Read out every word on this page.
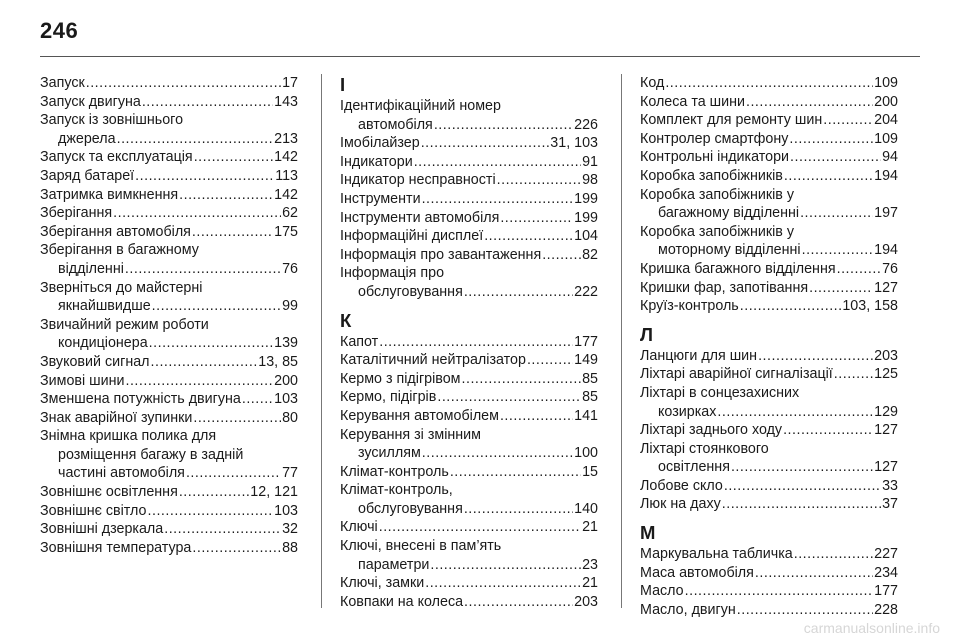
246
Запуск .....	17
Запуск двигуна .....	143
Запуск із зовнішнього
джерела .....	213
Запуск та експлуатація .....	142
Заряд батареї .....	113
Затримка вимкнення .....	142
Зберігання .....	62
Зберігання автомобіля .....	175
Зберігання в багажному
відділенні .....	76
Звернітьcя до майстерні
якнайшвидше .....	99
Звичайний режим роботи
кондиціонера .....	139
Звуковий сигнал .....	13, 85
Зимові шини .....	200
Зменшена потужність двигуна ..... 103
Знак аварійної зупинки .....	80
Знімна кришка полика для
розміщення багажу в задній
частині автомобіля .....	77
Зовнішнє освітлення .....	12, 121
Зовнішнє світло .....	103
Зовнішні дзеркала .....	32
Зовнішня температура .....	88
І
Ідентифікаційний номер
автомобіля .....	226
Імобілайзер .....	31, 103
Індикатори .....	91
Індикатор несправності .....	98
Інструменти .....	199
Інструменти автомобіля .....	199
Інформаційні дисплеї .....	104
Інформація про завантаження .....	82
Інформація про
обслуговування .....	222
К
Капот .....	177
Каталітичний нейтралізатор .....	149
Кермо з підігрівом .....	85
Кермо, підігрів .....	85
Керування автомобілем .....	141
Керування зі змінним
зусиллям .....	100
Клімат-контроль .....	15
Клімат-контроль,
обслуговування .....	140
Ключі .....	21
Ключі, внесені в пам’ять
параметри .....	23
Ключі, замки .....	21
Ковпаки на колеса .....	203
Код .....	109
Колеса та шини .....	200
Комплект для ремонту шин .....	204
Контролер смартфону .....	109
Контрольні індикатори .....	94
Коробка запобіжників .....	194
Коробка запобіжників у
багажному відділенні .....	197
Коробка запобіжників у
моторному відділенні .....	194
Кришка багажного відділення .....	76
Кришки фар, запотівання .....	127
Круїз-контроль .....	103, 158
Л
Ланцюги для шин .....	203
Ліхтарі аварійної сигналізації .....	125
Ліхтарі в сонцезахисних
козирках .....	129
Ліхтарі заднього ходу .....	127
Ліхтарі стоянкового
освітлення .....	127
Лобове скло .....	33
Люк на даху .....	37
М
Маркувальна табличка .....	227
Маса автомобіля .....	234
Масло .....	177
Масло, двигун .....	228
carmanualsonline.info
